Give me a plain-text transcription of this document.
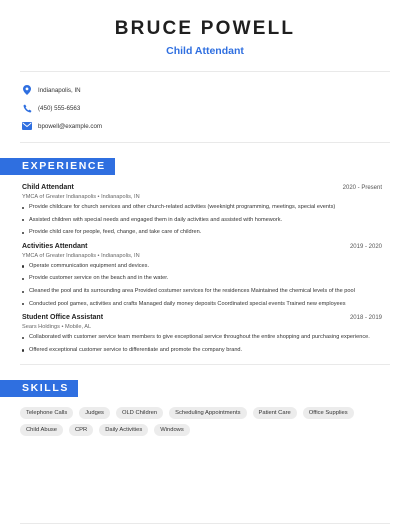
BRUCE POWELL
Child Attendant
Indianapolis, IN
(450) 555-6563
bpowell@example.com
EXPERIENCE
Child Attendant	2020 - Present
YMCA of Greater Indianapolis • Indianapolis, IN
Provide childcare for church services and other church-related activities (weeknight programming, meetings, special events)
Assisted children with special needs and engaged them in daily activities and assisted with homework.
Provide child care for people, feed, change, and take care of children.
Activities Attendant	2019 - 2020
YMCA of Greater Indianapolis • Indianapolis, IN
Operate communication equipment and devices.
Provide customer service on the beach and in the water.
Cleaned the pool and its surrounding area Provided costumer services for the residences Maintained the chemical levels of the pool
Conducted pool games, activities and crafts Managed daily money deposits Coordinated special events Trained new employees
Student Office Assistant	2018 - 2019
Sears Holdings • Mobile, AL
Collaborated with customer service team members to give exceptional service throughout the entire shopping and purchasing experience.
Offered exceptional customer service to differentiate and promote the company brand.
SKILLS
Telephone Calls	Judges	OLD Children	Scheduling Appointments	Patient Care	Office Supplies
Child Abuse	CPR	Daily Activities	Windows
